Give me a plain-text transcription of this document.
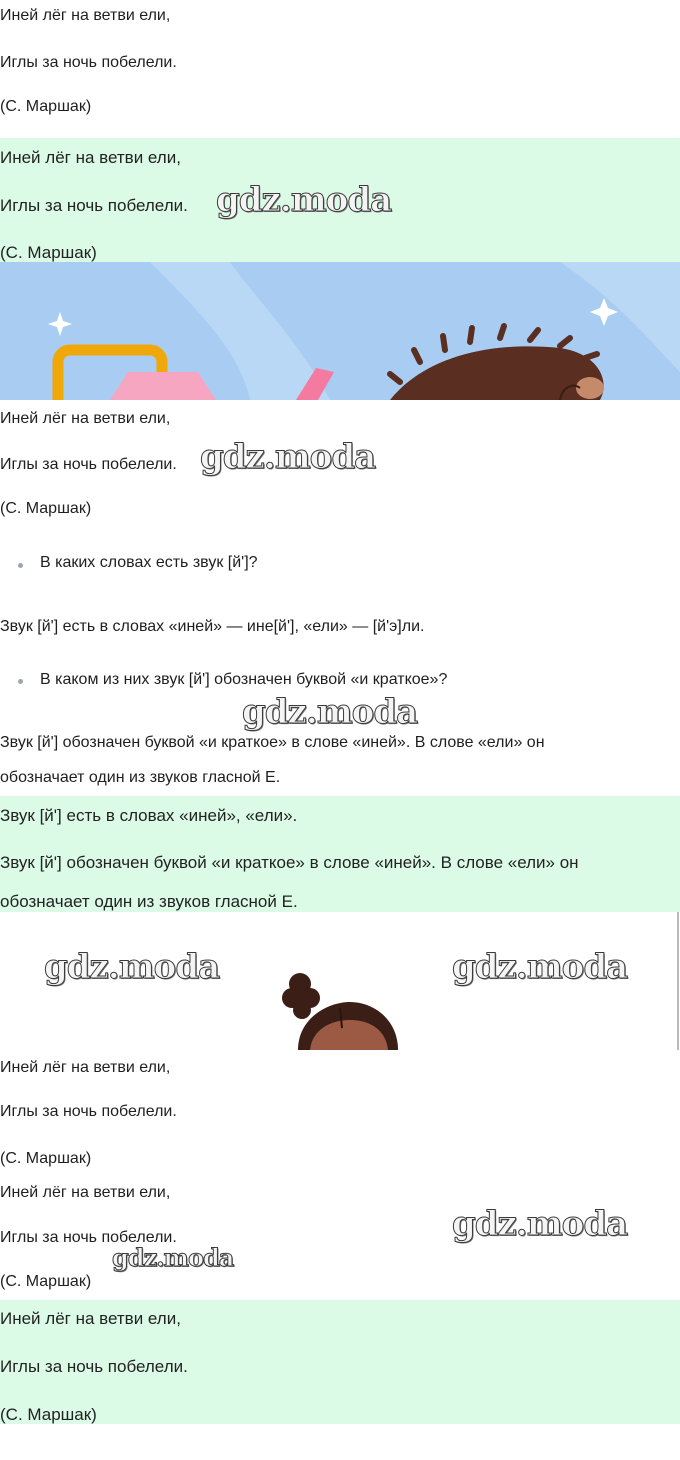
Иней лёг на ветви ели,
Иглы за ночь побелели.
(С. Маршак)
Иней лёг на ветви ели,
Иглы за ночь побелели.
(С. Маршак)
gdz.moda
Иней лёг на ветви ели,
Иглы за ночь побелели. gdz.moda
(С. Маршак)
В каких словах есть звук [й']?
Звук [й'] есть в словах «иней» — ине[й'], «ели» — [й'э]ли.
В каком из них звук [й'] обозначен буквой «и краткое»?
gdz.moda
Звук [й'] обозначен буквой «и краткое» в слове «иней». В слове «ели» он
обозначает один из звуков гласной Е.
Звук [й'] есть в словах «иней», «ели».
Звук [й'] обозначен буквой «и краткое» в слове «иней». В слове «ели» он
обозначает один из звуков гласной Е.
gdz.moda	gdz.moda
Иней лёг на ветви ели,
Иглы за ночь побелели.
(С. Маршак)
Иней лёг на ветви ели,
Иглы за ночь побелели.	gdz.moda
gdz.moda
(С. Маршак)
Иней лёг на ветви ели,
Иглы за ночь побелели.
(С. Маршак)
